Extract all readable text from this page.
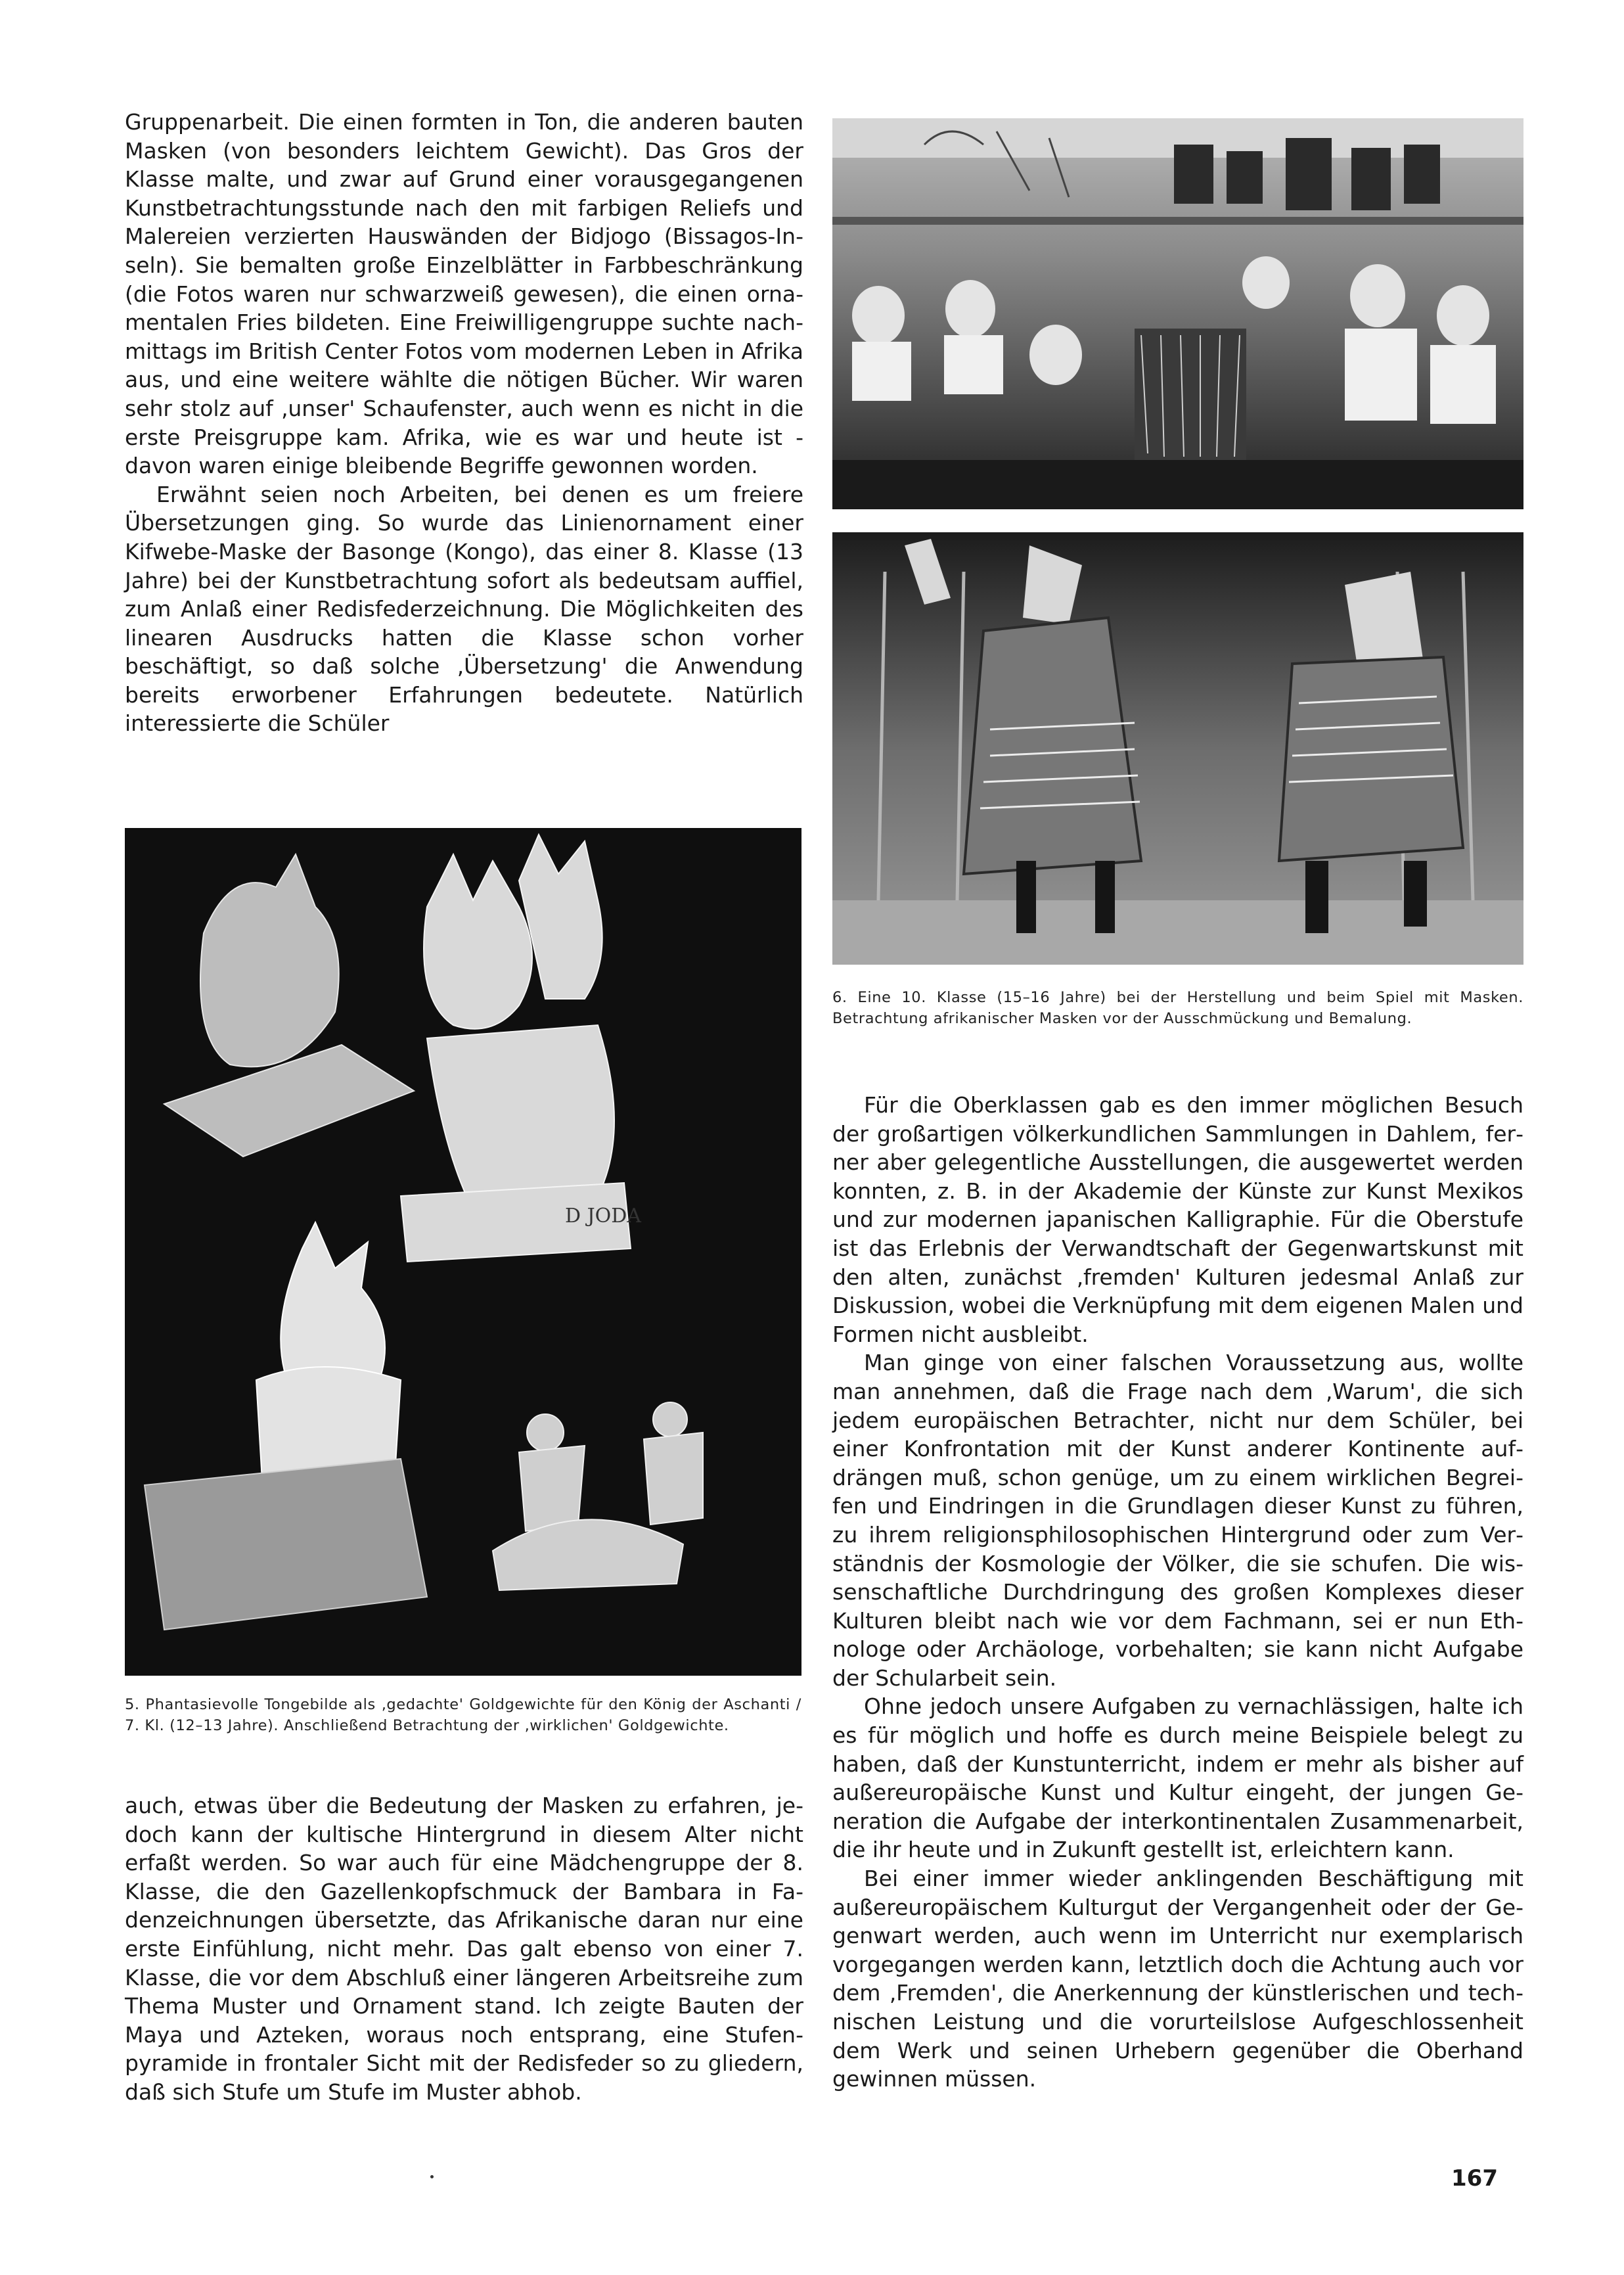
Gruppenarbeit. Die einen formten in Ton, die anderen bauten Masken (von besonders leichtem Gewicht). Das Gros der Klasse malte, und zwar auf Grund einer vorausgegangenen Kunstbetrachtungsstunde nach den mit farbigen Reliefs und Malereien verzierten Hauswänden der Bidjogo (Bissagos-Inseln). Sie bemalten große Einzelblätter in Farbbeschränkung (die Fotos waren nur schwarzweiß gewesen), die einen ornamentalen Fries bildeten. Eine Freiwilligengruppe suchte nachmittags im British Center Fotos vom modernen Leben in Afrika aus, und eine weitere wählte die nötigen Bücher. Wir waren sehr stolz auf ‚unser' Schaufenster, auch wenn es nicht in die erste Preisgruppe kam. Afrika, wie es war und heute ist - davon waren einige bleibende Begriffe gewonnen worden.

Erwähnt seien noch Arbeiten, bei denen es um freiere Übersetzungen ging. So wurde das Linienornament einer Kifwebe-Maske der Basonge (Kongo), das einer 8. Klasse (13 Jahre) bei der Kunstbetrachtung sofort als bedeutsam auffiel, zum Anlaß einer Redisfederzeichnung. Die Möglichkeiten des linearen Ausdrucks hatten die Klasse schon vorher beschäftigt, so daß solche ‚Übersetzung' die Anwendung bereits erworbener Erfahrungen bedeutete. Natürlich interessierte die Schüler

6. Eine 10. Klasse (15–16 Jahre) bei der Herstellung und beim Spiel mit Masken. Betrachtung afrikanischer Masken vor der Ausschmückung und Bemalung.
D JODA
5. Phantasievolle Tongebilde als ‚gedachte' Goldgewichte für den König der Aschanti / 7. Kl. (12–13 Jahre). Anschließend Betrachtung der ‚wirklichen' Goldgewichte.

auch, etwas über die Bedeutung der Masken zu erfahren, jedoch kann der kultische Hintergrund in diesem Alter nicht erfaßt werden. So war auch für eine Mädchengruppe der 8. Klasse, die den Gazellenkopfschmuck der Bambara in Fadenzeichnungen übersetzte, das Afrikanische daran nur eine erste Einfühlung, nicht mehr. Das galt ebenso von einer 7. Klasse, die vor dem Abschluß einer längeren Arbeitsreihe zum Thema Muster und Ornament stand. Ich zeigte Bauten der Maya und Azteken, woraus noch entsprang, eine Stufenpyramide in frontaler Sicht mit der Redisfeder so zu gliedern, daß sich Stufe um Stufe im Muster abhob.

Für die Oberklassen gab es den immer möglichen Besuch der großartigen völkerkundlichen Sammlungen in Dahlem, ferner aber gelegentliche Ausstellungen, die ausgewertet werden konnten, z. B. in der Akademie der Künste zur Kunst Mexikos und zur modernen japanischen Kalligraphie. Für die Oberstufe ist das Erlebnis der Verwandtschaft der Gegenwartskunst mit den alten, zunächst ‚fremden' Kulturen jedesmal Anlaß zur Diskussion, wobei die Verknüpfung mit dem eigenen Malen und Formen nicht ausbleibt.

Man ginge von einer falschen Voraussetzung aus, wollte man annehmen, daß die Frage nach dem ‚Warum', die sich jedem europäischen Betrachter, nicht nur dem Schüler, bei einer Konfrontation mit der Kunst anderer Kontinente aufdrängen muß, schon genüge, um zu einem wirklichen Begreifen und Eindringen in die Grundlagen dieser Kunst zu führen, zu ihrem religionsphilosophischen Hintergrund oder zum Verständnis der Kosmologie der Völker, die sie schufen. Die wissenschaftliche Durchdringung des großen Komplexes dieser Kulturen bleibt nach wie vor dem Fachmann, sei er nun Ethnologe oder Archäologe, vorbehalten; sie kann nicht Aufgabe der Schularbeit sein.

Ohne jedoch unsere Aufgaben zu vernachlässigen, halte ich es für möglich und hoffe es durch meine Beispiele belegt zu haben, daß der Kunstunterricht, indem er mehr als bisher auf außereuropäische Kunst und Kultur eingeht, der jungen Generation die Aufgabe der interkontinentalen Zusammenarbeit, die ihr heute und in Zukunft gestellt ist, erleichtern kann.

Bei einer immer wieder anklingenden Beschäftigung mit außereuropäischem Kulturgut der Vergangenheit oder der Gegenwart werden, auch wenn im Unterricht nur exemplarisch vorgegangen werden kann, letztlich doch die Achtung auch vor dem ‚Fremden', die Anerkennung der künstlerischen und technischen Leistung und die vorurteilslose Aufgeschlossenheit dem Werk und seinen Urhebern gegenüber die Oberhand gewinnen müssen.

167
